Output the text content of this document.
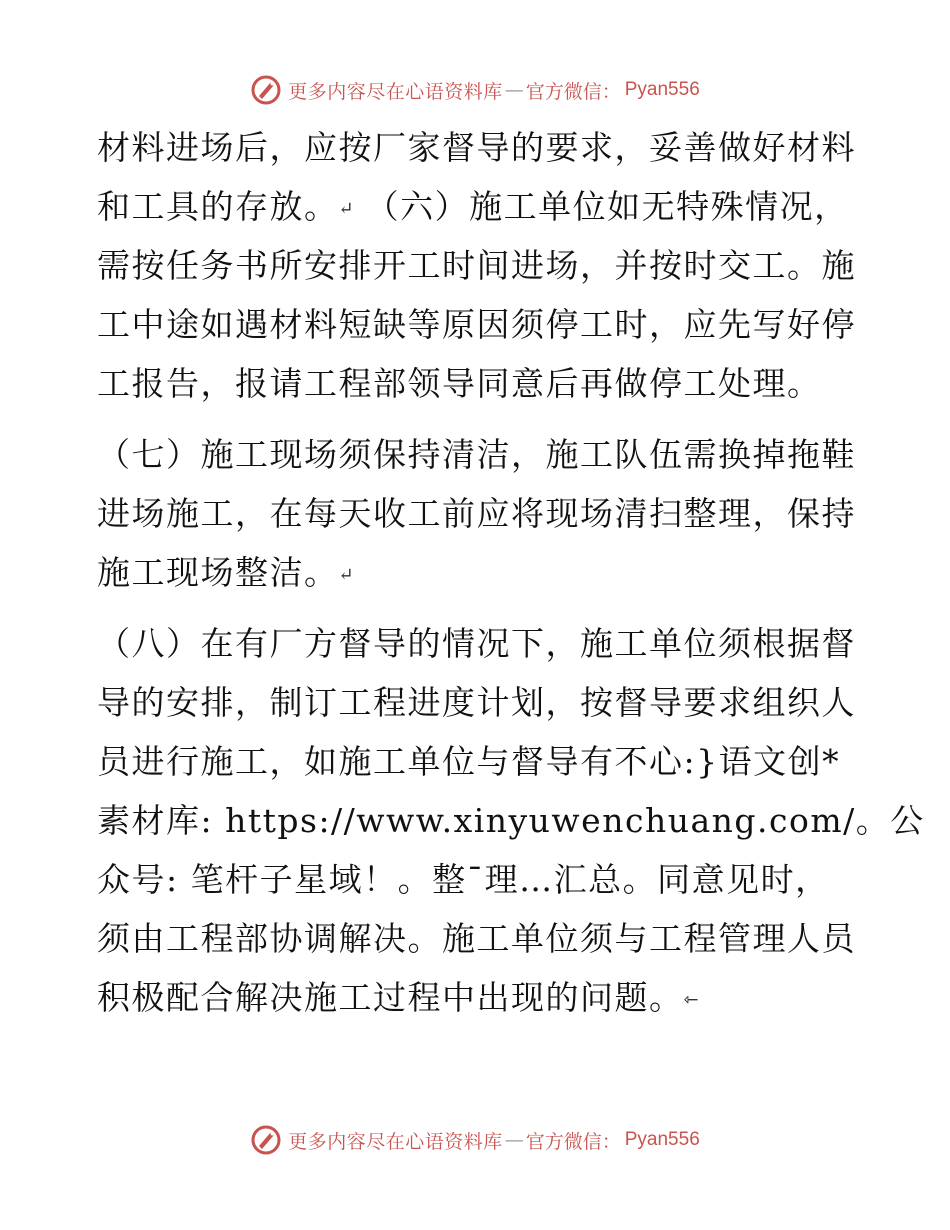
更多内容尽在心语资料库 — 官方微信： Pyan556
材料进场后，应按厂家督导的要求，妥善做好材料
和工具的存放。↵ （六）施工单位如无特殊情况，
需按任务书所安排开工时间进场，并按时交工。施
工中途如遇材料短缺等原因须停工时，应先写好停
工报告，报请工程部领导同意后再做停工处理。
（七）施工现场须保持清洁，施工队伍需换掉拖鞋
进场施工，在每天收工前应将现场清扫整理，保持
施工现场整洁。↵
（八）在有厂方督导的情况下，施工单位须根据督
导的安排，制订工程进度计划，按督导要求组织人
员进行施工，如施工单位与督导有不心:}语文创*
素材库: https://www.xinyuwenchuang.com/。公
众号: 笔杆子星域！。整¯理…汇总。同意见时，
须由工程部协调解决。施工单位须与工程管理人员
积极配合解决施工过程中出现的问题。⇽
更多内容尽在心语资料库 — 官方微信： Pyan556
